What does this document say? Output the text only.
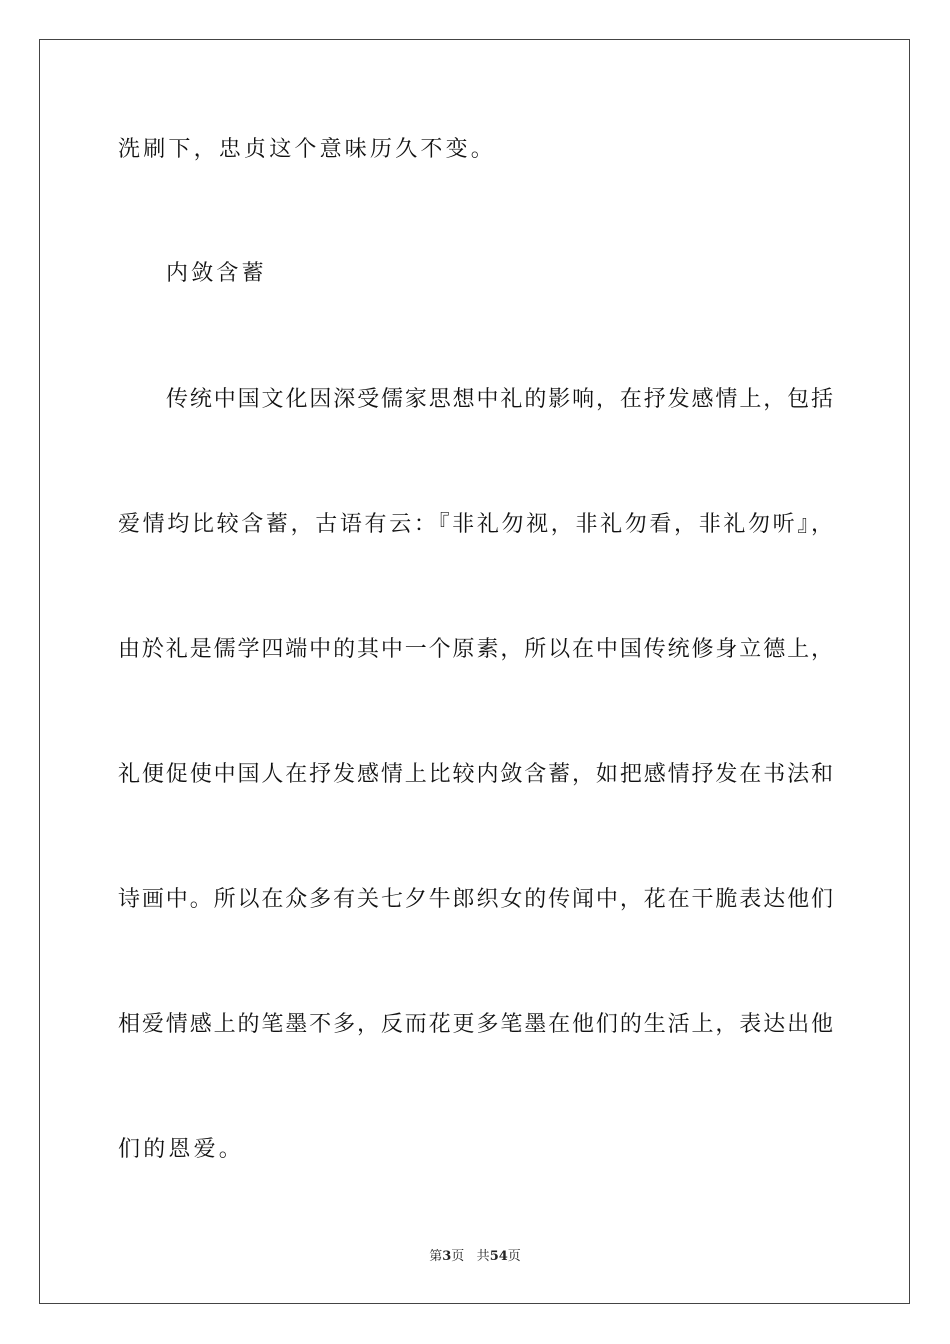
洗刷下，忠贞这个意味历久不变。
内敛含蓄
传统中国文化因深受儒家思想中礼的影响，在抒发感情上，包括
爱情均比较含蓄，古语有云：『非礼勿视，非礼勿看，非礼勿听』，
由於礼是儒学四端中的其中一个原素，所以在中国传统修身立德上，
礼便促使中国人在抒发感情上比较内敛含蓄，如把感情抒发在书法和
诗画中。所以在众多有关七夕牛郎织女的传闻中，花在干脆表达他们
相爱情感上的笔墨不多，反而花更多笔墨在他们的生活上，表达出他
们的恩爱。
第3页 共54页
